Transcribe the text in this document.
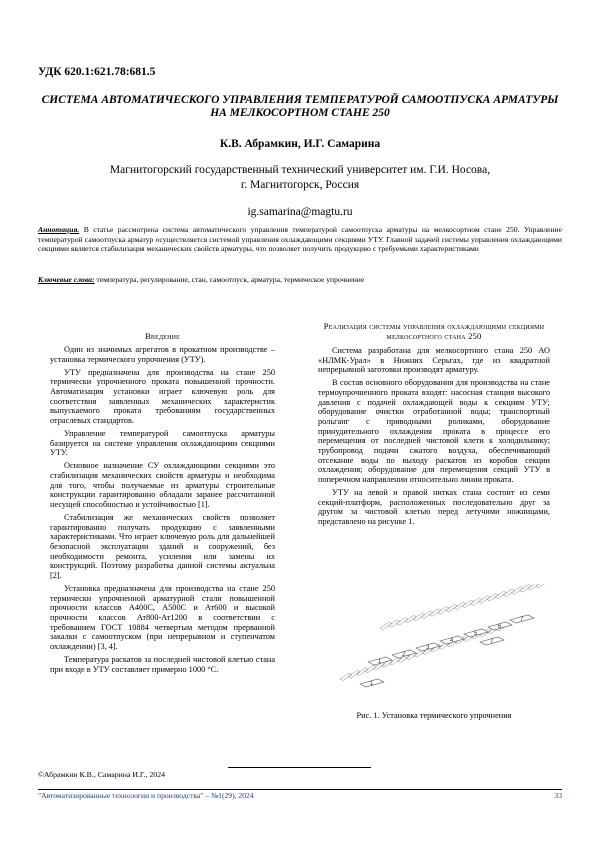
УДК 620.1:621.78:681.5
СИСТЕМА АВТОМАТИЧЕСКОГО УПРАВЛЕНИЯ ТЕМПЕРАТУРОЙ САМООТПУСКА АРМАТУРЫ НА МЕЛКОСОРТНОМ СТАНЕ 250
К.В. Абрамкин, И.Г. Самарина
Магнитогорский государственный технический университет им. Г.И. Носова,
г. Магнитогорск, Россия
ig.samarina@magtu.ru
Аннотация. В статье рассмотрена система автоматического управления температурой самоотпуска арматуры на мелкосортном стане 250. Управление температурой самоотпуска арматур осуществляется системой управления охлаждающими секциями УТУ. Главной задачей системы управления охлаждающими секциями является стабилизация механических свойств арматуры, что позволяет получить продукцию с требуемыми характеристиками
Ключевые слова: температура, регулирование, стан, самоотпуск, арматура, термическое упрочнение
Введение

Один из значимых агрегатов в прокатном производстве – установка термического упрочнения (УТУ).

УТУ предназначена для производства на стане 250 термически упрочненного проката повышенной прочности. Автоматизация установки играет ключевую роль для соответствия заявленных механических характеристик выпускаемого проката требованиям государственных отраслевых стандартов.

Управление температурой самоотпуска арматуры базируется на системе управления охлаждающими секциями УТУ.

Основное назначение СУ охлаждающими секциями это стабилизация механических свойств арматуры и необходима для того, чтобы получаемые из арматуры строительные конструкции гарантированно обладали заранее рассчитанной несущей способностью и устойчивостью [1].

Стабилизация же механических свойств позволяет гарантированно получать продукцию с заявленными характеристиками. Что играет ключевую роль для дальнейшей безопасной эксплуатации зданий и сооружений, без необходимости ремонта, усиления или замены их конструкций. Поэтому разработка данной системы актуальна [2].

Установка предназначена для производства на стане 250 термически упрочненной арматурной стали повышенной прочности классов А400С, А500С и Ат600 и высокой прочности классов Ат800-Ат1200 в соответствии с требованием ГОСТ 10884 четвертым методом прерванной закалки с самоотпуском (при непрерывном и ступенчатом охлаждении) [3, 4].

Температура раскатов за последней чистовой клетью стана при входе в УТУ составляет примерно 1000 °С.

Реализация системы управления охлаждающими секциями мелкосортного стана 250

Система разработана для мелкосортного стана 250 АО «НЛМК-Урал» в Нижних Серьгах, где из квадратной непрерывной заготовки производят арматуру.

В состав основного оборудования для производства на стане термоупрочненного проката входят: насосная станция высокого давления с подачей охлаждающей воды к секциям УТУ; оборудование очистки отработанной воды; транспортный рольганг с приводными роликами, оборудование принудительного охлаждения проката в процессе его перемещения от последней чистовой клети к холодильнику; трубопровод подачи сжатого воздуха, обеспечивающий отсекание воды по выходу раскатов из коробов секции охлаждения; оборудование для перемещения секций УТУ в поперечном направлении относительно линии проката.

УТУ на левой и правой нитках стана состоит из семи секций-платформ, расположенных последовательно друг за другом за чистовой клетью перед летучими ножницами, представлено на рисунке 1.

1
2
3
4
5
6
7
7
1
Рис. 1. Установка термического упрочнения
©Абрамкин К.В., Самарина И.Г., 2024
"Автоматизированные технологии и производства" – №1(29), 2024	33
